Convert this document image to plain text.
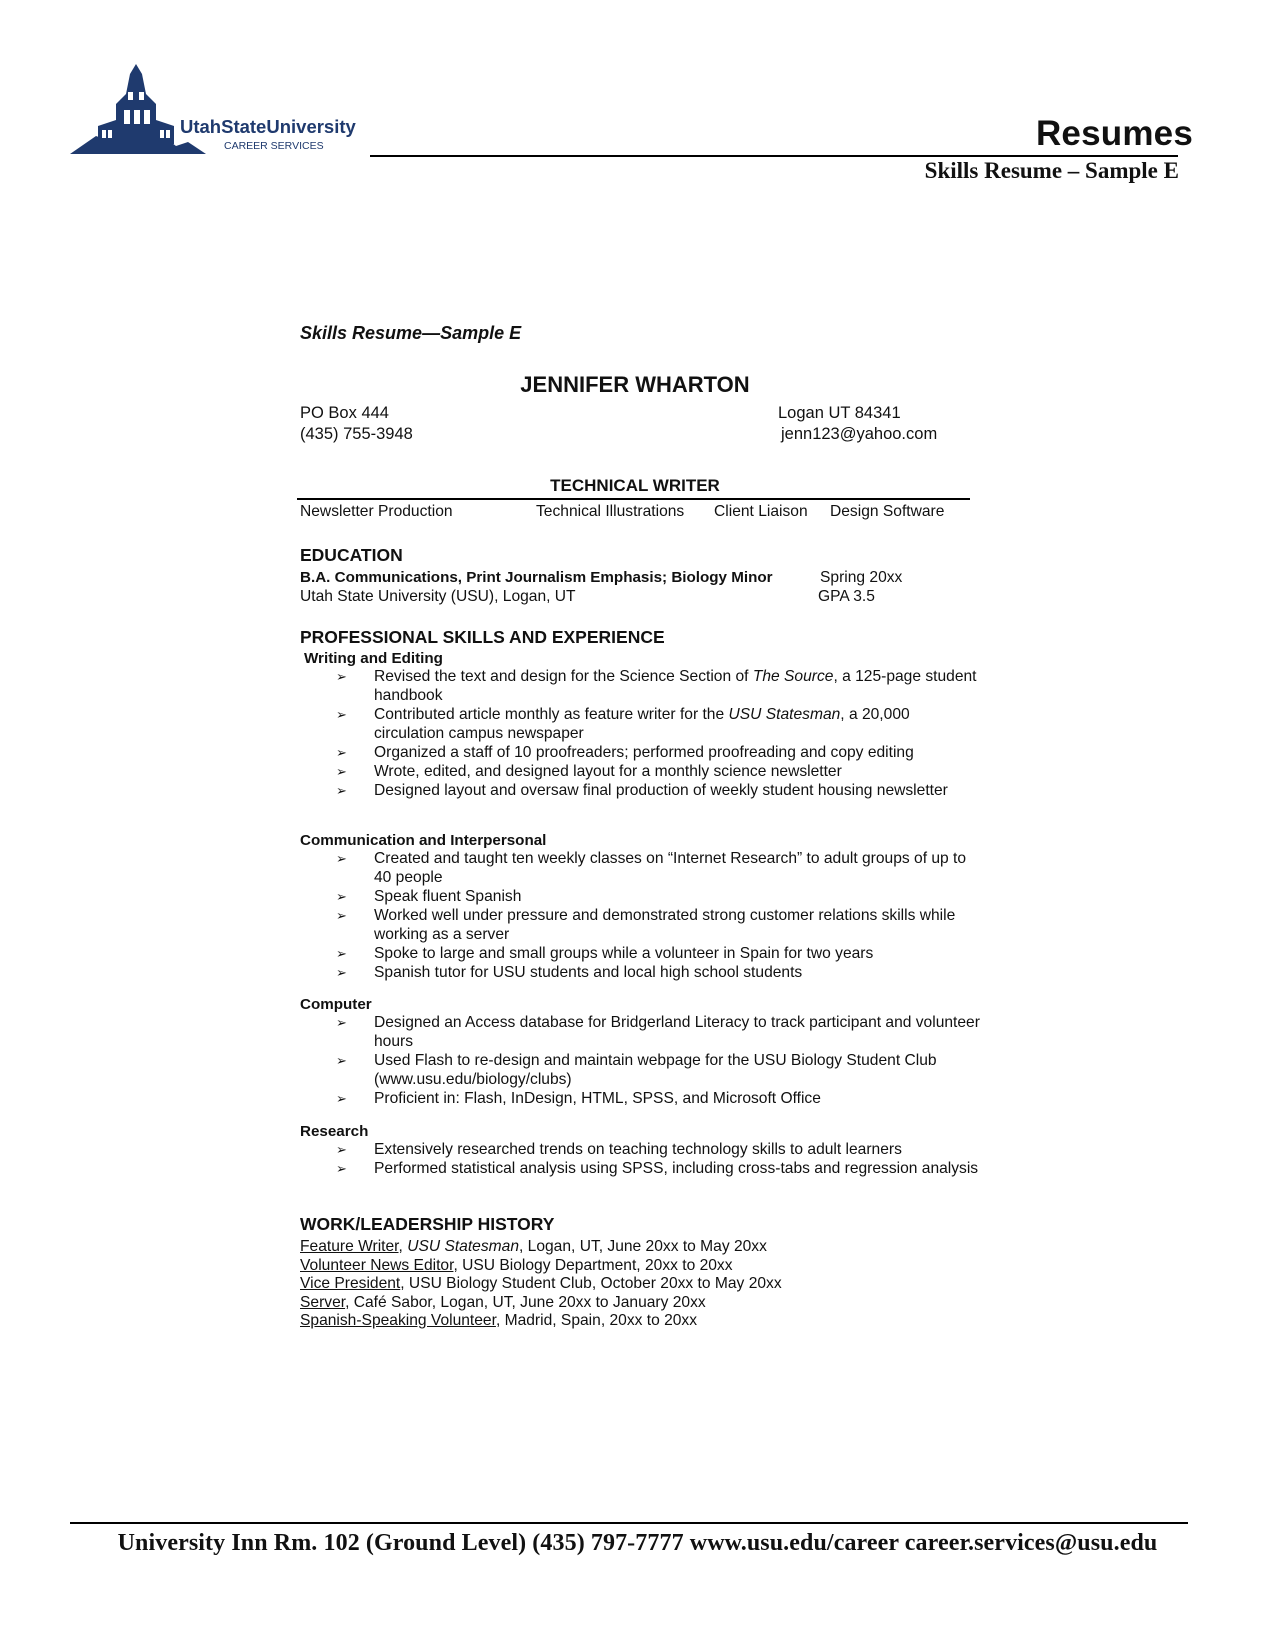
UtahStateUniversity
CAREER SERVICES	Resumes
Skills Resume – Sample E
Skills Resume—Sample E
JENNIFER WHARTON
PO Box 444	Logan UT 84341
(435) 755-3948	jenn123@yahoo.com
TECHNICAL WRITER
Newsletter Production	Technical Illustrations Client Liaison Design Software
EDUCATION
B.A. Communications, Print Journalism Emphasis; Biology Minor	Spring 20xx
Utah State University (USU), Logan, UT	GPA 3.5
PROFESSIONAL SKILLS AND EXPERIENCE
Writing and Editing
➢ Revised the text and design for the Science Section of The Source, a 125-page student handbook
➢ Contributed article monthly as feature writer for the USU Statesman, a 20,000 circulation campus newspaper
➢ Organized a staff of 10 proofreaders; performed proofreading and copy editing
➢ Wrote, edited, and designed layout for a monthly science newsletter
➢ Designed layout and oversaw final production of weekly student housing newsletter
Communication and Interpersonal
➢ Created and taught ten weekly classes on “Internet Research” to adult groups of up to 40 people
➢ Speak fluent Spanish
➢ Worked well under pressure and demonstrated strong customer relations skills while working as a server
➢ Spoke to large and small groups while a volunteer in Spain for two years
➢ Spanish tutor for USU students and local high school students
Computer
➢ Designed an Access database for Bridgerland Literacy to track participant and volunteer hours
➢ Used Flash to re-design and maintain webpage for the USU Biology Student Club (www.usu.edu/biology/clubs)
➢ Proficient in: Flash, InDesign, HTML, SPSS, and Microsoft Office
Research
➢ Extensively researched trends on teaching technology skills to adult learners
➢ Performed statistical analysis using SPSS, including cross-tabs and regression analysis
WORK/LEADERSHIP HISTORY
Feature Writer, USU Statesman, Logan, UT, June 20xx to May 20xx
Volunteer News Editor, USU Biology Department, 20xx to 20xx
Vice President, USU Biology Student Club, October 20xx to May 20xx
Server, Café Sabor, Logan, UT, June 20xx to January 20xx
Spanish-Speaking Volunteer, Madrid, Spain, 20xx to 20xx
University Inn Rm. 102 (Ground Level) (435) 797-7777 www.usu.edu/career career.services@usu.edu
